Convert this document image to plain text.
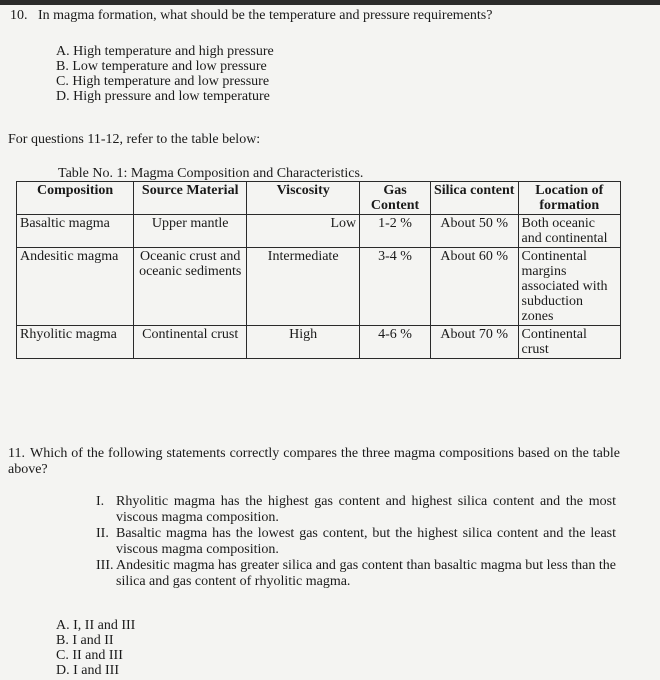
10. In magma formation, what should be the temperature and pressure requirements?
A. High temperature and high pressure
B. Low temperature and low pressure
C. High temperature and low pressure
D. High pressure and low temperature
For questions 11-12, refer to the table below:
Table No. 1: Magma Composition and Characteristics.
Composition	Source Material	Viscosity	Gas Content	Silica content	Location of formation
Basaltic magma	Upper mantle	Low	1-2 %	About 50 %	Both oceanic and continental
Andesitic magma	Oceanic crust and oceanic sediments	Intermediate	3-4 %	About 60 %	Continental margins associated with subduction zones
Rhyolitic magma	Continental crust	High	4-6 %	About 70 %	Continental crust
11. Which of the following statements correctly compares the three magma compositions based on the table above?
I. Rhyolitic magma has the highest gas content and highest silica content and the most viscous magma composition.
II. Basaltic magma has the lowest gas content, but the highest silica content and the least viscous magma composition.
III. Andesitic magma has greater silica and gas content than basaltic magma but less than the silica and gas content of rhyolitic magma.
A. I, II and III
B. I and II
C. II and III
D. I and III
